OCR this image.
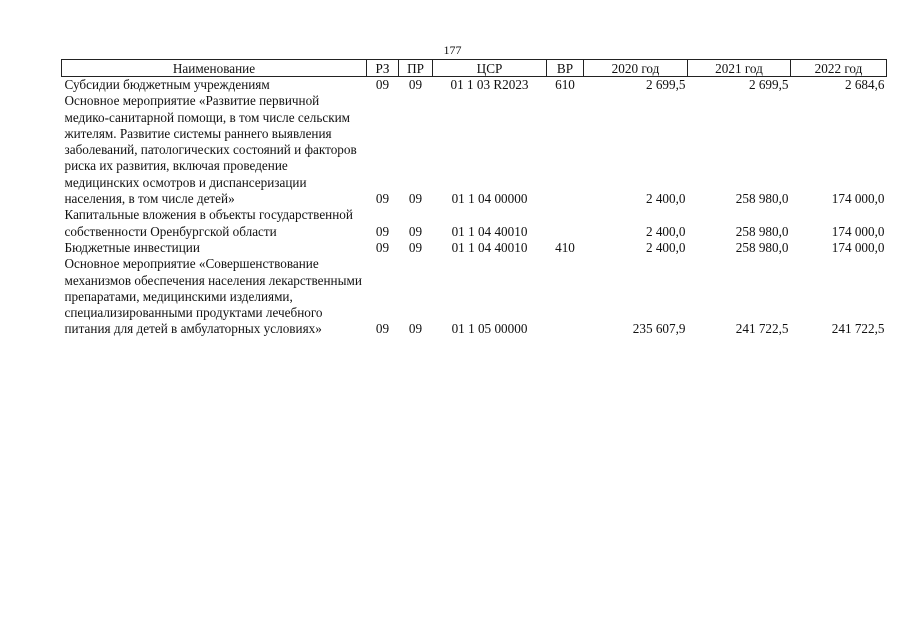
177
Наименование	РЗ	ПР	ЦСР	ВР	2020 год	2021 год	2022 год
Субсидии бюджетным учреждениям	09	09	01 1 03 R2023	610	2 699,5	2 699,5	2 684,6
Основное мероприятие «Развитие первичной медико-санитарной помощи, в том числе сельским жителям. Развитие системы раннего выявления заболеваний, патологических состояний и факторов риска их развития, включая проведение медицинских осмотров и диспансеризации населения, в том числе детей»	09	09	01 1 04 00000		2 400,0	258 980,0	174 000,0
Капитальные вложения в объекты государственной собственности Оренбургской области	09	09	01 1 04 40010		2 400,0	258 980,0	174 000,0
Бюджетные инвестиции	09	09	01 1 04 40010	410	2 400,0	258 980,0	174 000,0
Основное мероприятие «Совершенствование механизмов обеспечения населения лекарственными препаратами, медицинскими изделиями, специализированными продуктами лечебного питания для детей в амбулаторных условиях»	09	09	01 1 05 00000		235 607,9	241 722,5	241 722,5
